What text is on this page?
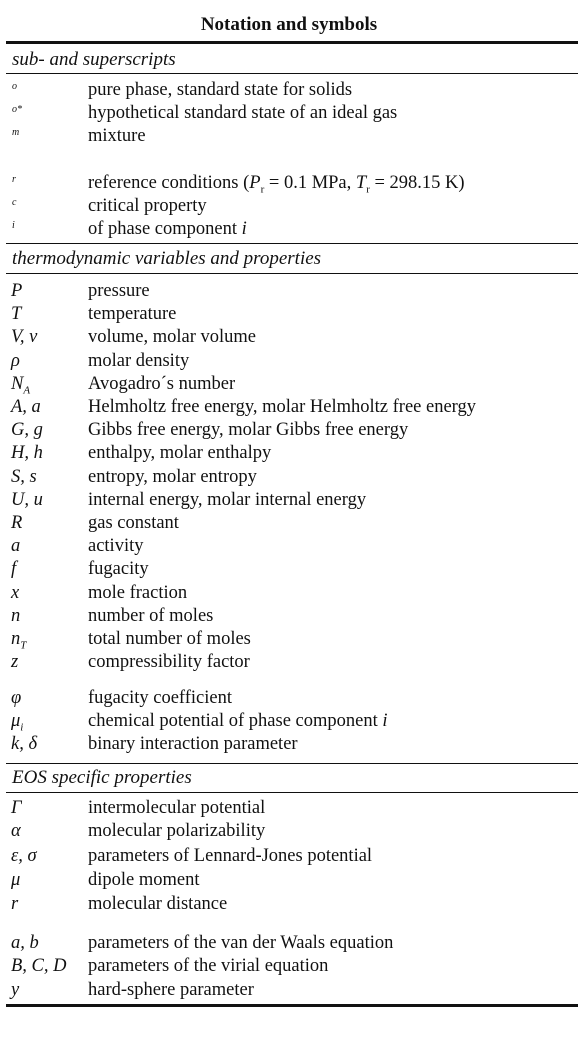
Notation and symbols
sub- and superscripts
o	pure phase, standard state for solids
o*	hypothetical standard state of an ideal gas
m	mixture
r	reference conditions ($P_r = 0.1$ MPa, $T_r = 298.15$ K)
c	critical property
i	of phase component i
thermodynamic variables and properties
P	pressure
T	temperature
V, v	volume, molar volume
ρ	molar density
$N_A$	Avogadro´s number
A, a	Helmholtz free energy, molar Helmholtz free energy
G, g Gibbs free energy, molar Gibbs free energy
H, h enthalpy, molar enthalpy
S, s	entropy, molar entropy
U, u internal energy, molar internal energy
R	gas constant
a	activity
f	fugacity
x	mole fraction
n	number of moles
$n_T$	total number of moles
z	compressibility factor
φ	fugacity coefficient
$\mu_i$	chemical potential of phase component i
k, δ	binary interaction parameter
EOS specific properties
Γ	intermolecular potential
α	molecular polarizability
ε, σ	parameters of Lennard-Jones potential
μ	dipole moment
r	molecular distance
a, b	parameters of the van der Waals equation
B, C, D parameters of the virial equation
y	hard-sphere parameter
